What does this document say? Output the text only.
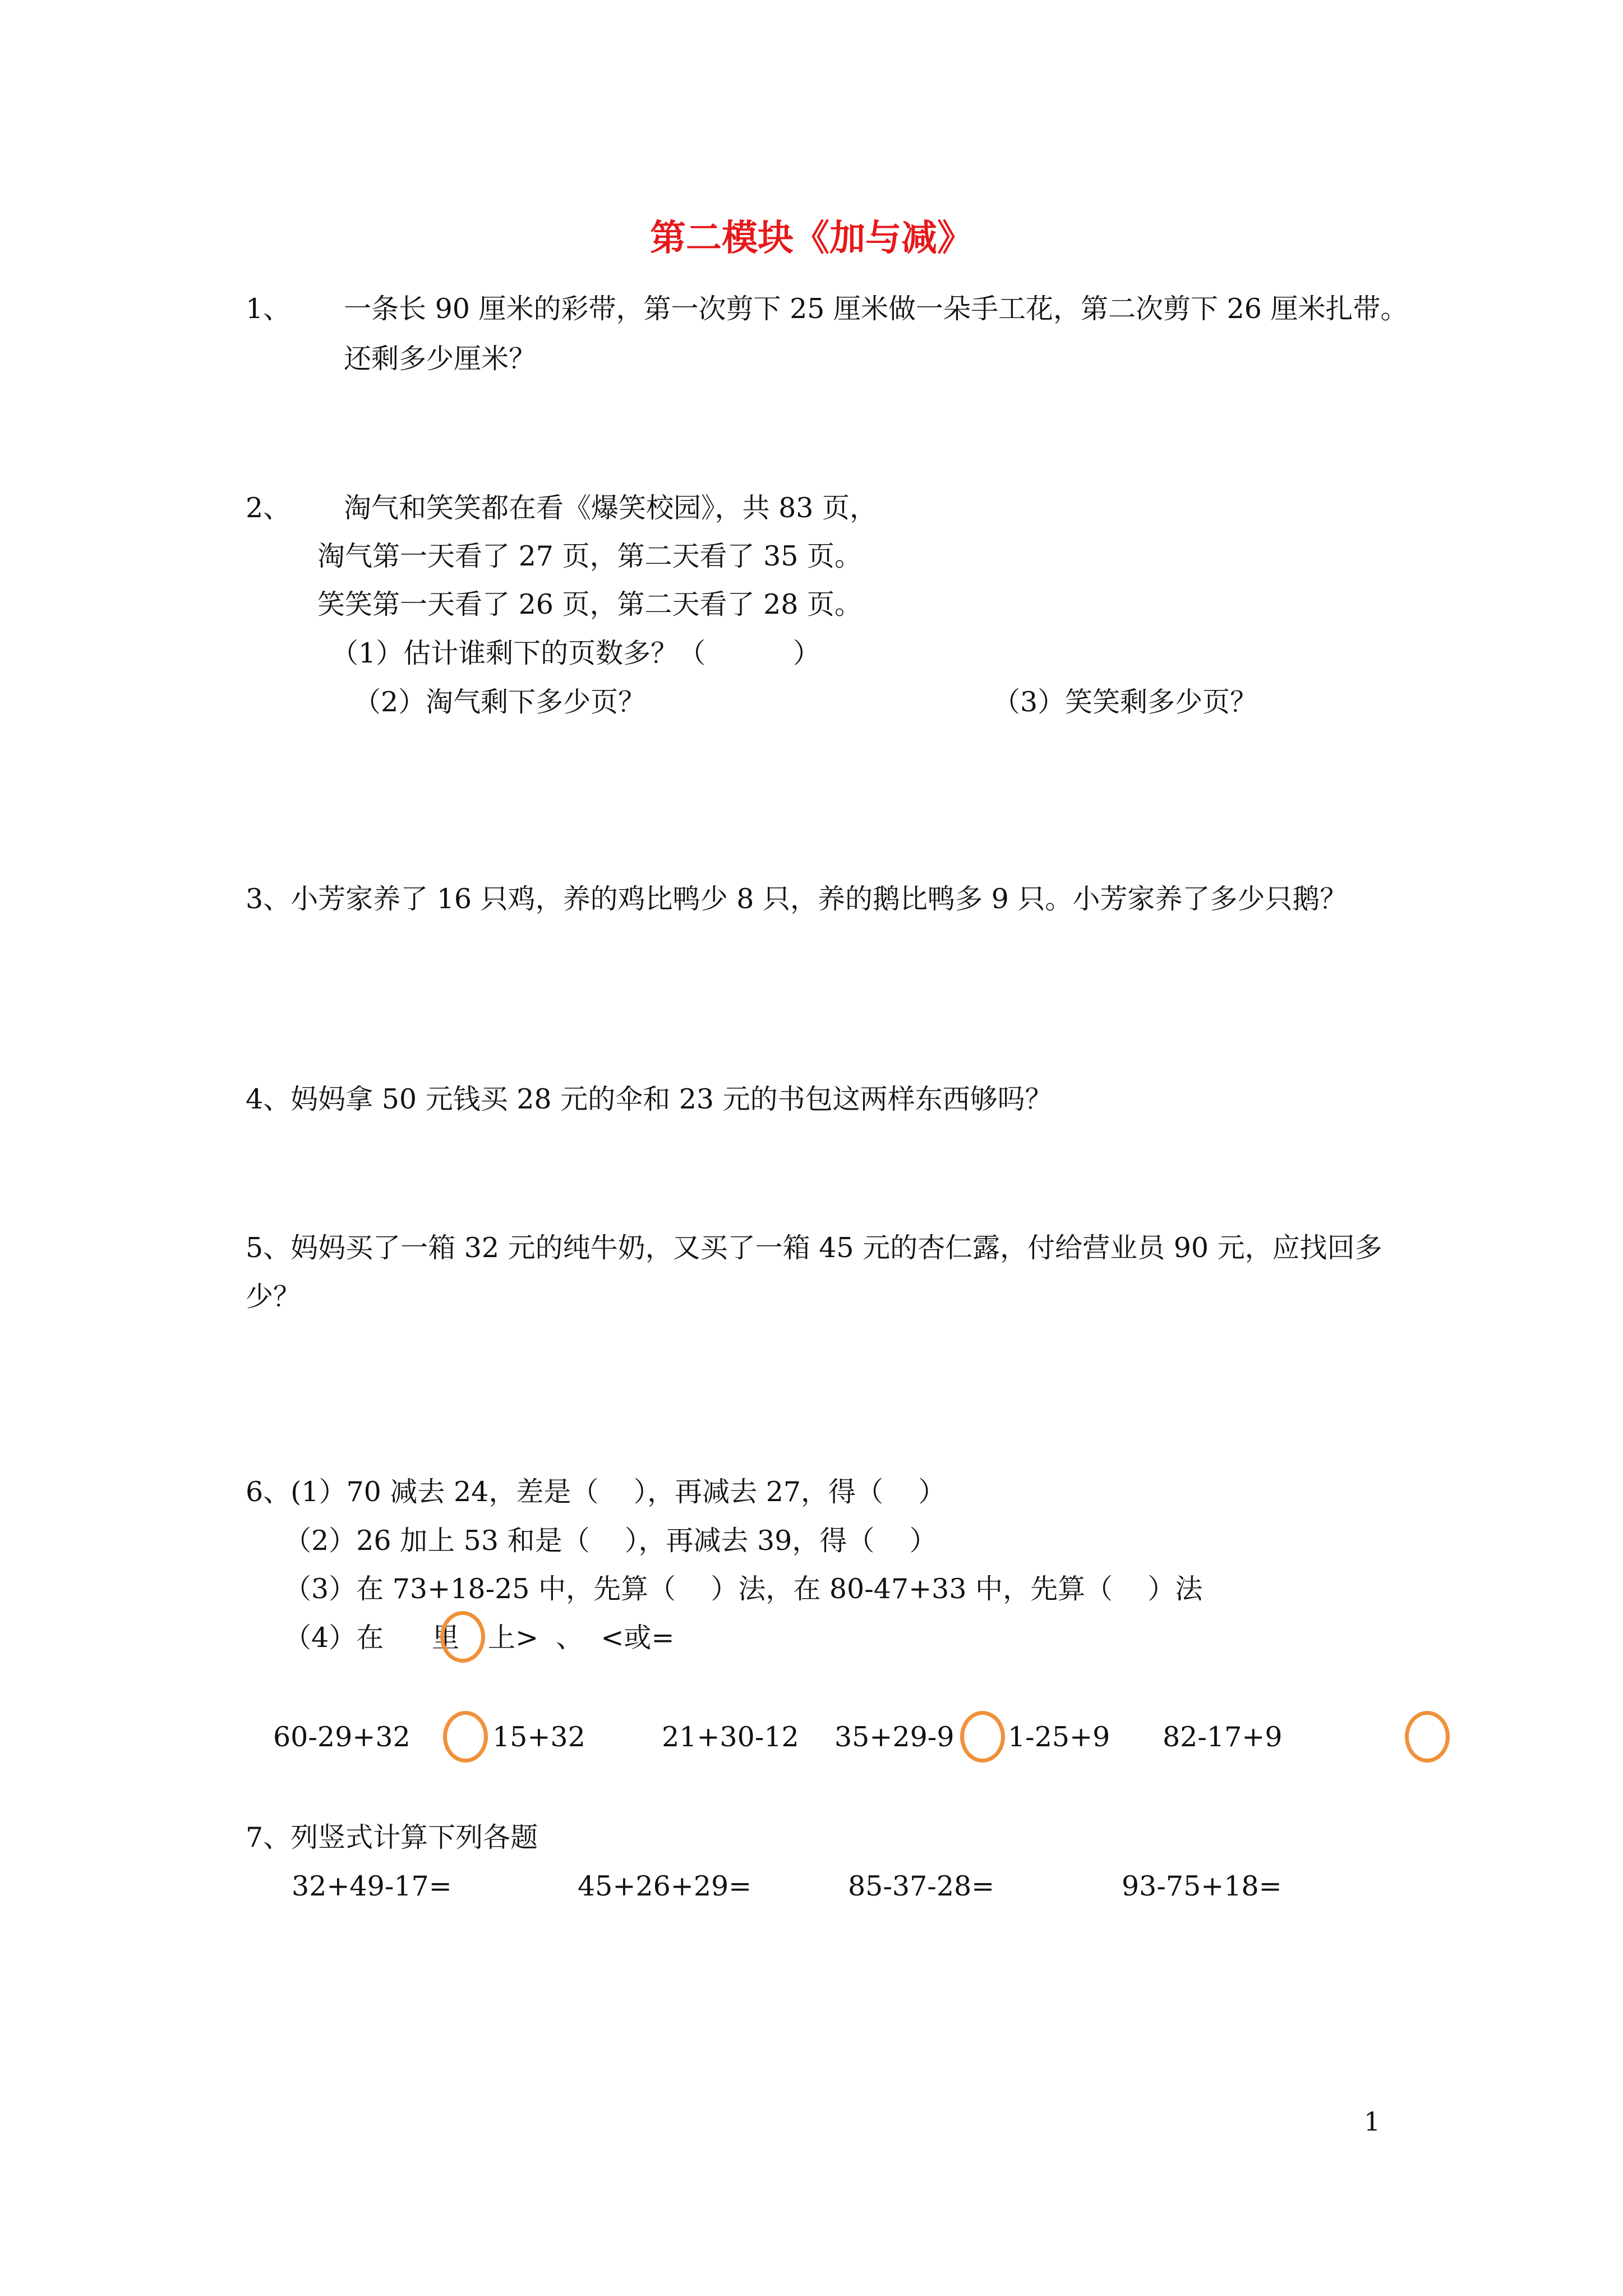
第二模块《加与减》
1、 一条长 90 厘米的彩带，第一次剪下 25 厘米做一朵手工花，第二次剪下 26 厘米扎带。
还剩多少厘米？
2、 淘气和笑笑都在看《爆笑校园》，共 83 页，
淘气第一天看了 27 页，第二天看了 35 页。
笑笑第一天看了 26 页，第二天看了 28 页。
（1）估计谁剩下的页数多？（          ）
（2）淘气剩下多少页？	（3）笑笑剩多少页？
3、小芳家养了 16 只鸡，养的鸡比鸭少 8 只，养的鹅比鸭多 9 只。小芳家养了多少只鹅？
4、妈妈拿 50 元钱买 28 元的伞和 23 元的书包这两样东西够吗？
5、妈妈买了一箱 32 元的纯牛奶，又买了一箱 45 元的杏仁露，付给营业员 90 元，应找回多
少？
6、(1）70 减去 24，差是（    ），再减去 27，得（    ）
（2）26 加上 53 和是（    ），再减去 39，得（    ）
（3）在 73+18-25 中，先算（    ）法，在 80-47+33 中，先算（    ）法
（4）在 里 上>  、  <或=
60-29+32	15+32	21+30-12 35+29-9 1-25+9 82-17+9
7、列竖式计算下列各题
32+49-17=	45+26+29=	85-37-28=	93-75+18=
1
